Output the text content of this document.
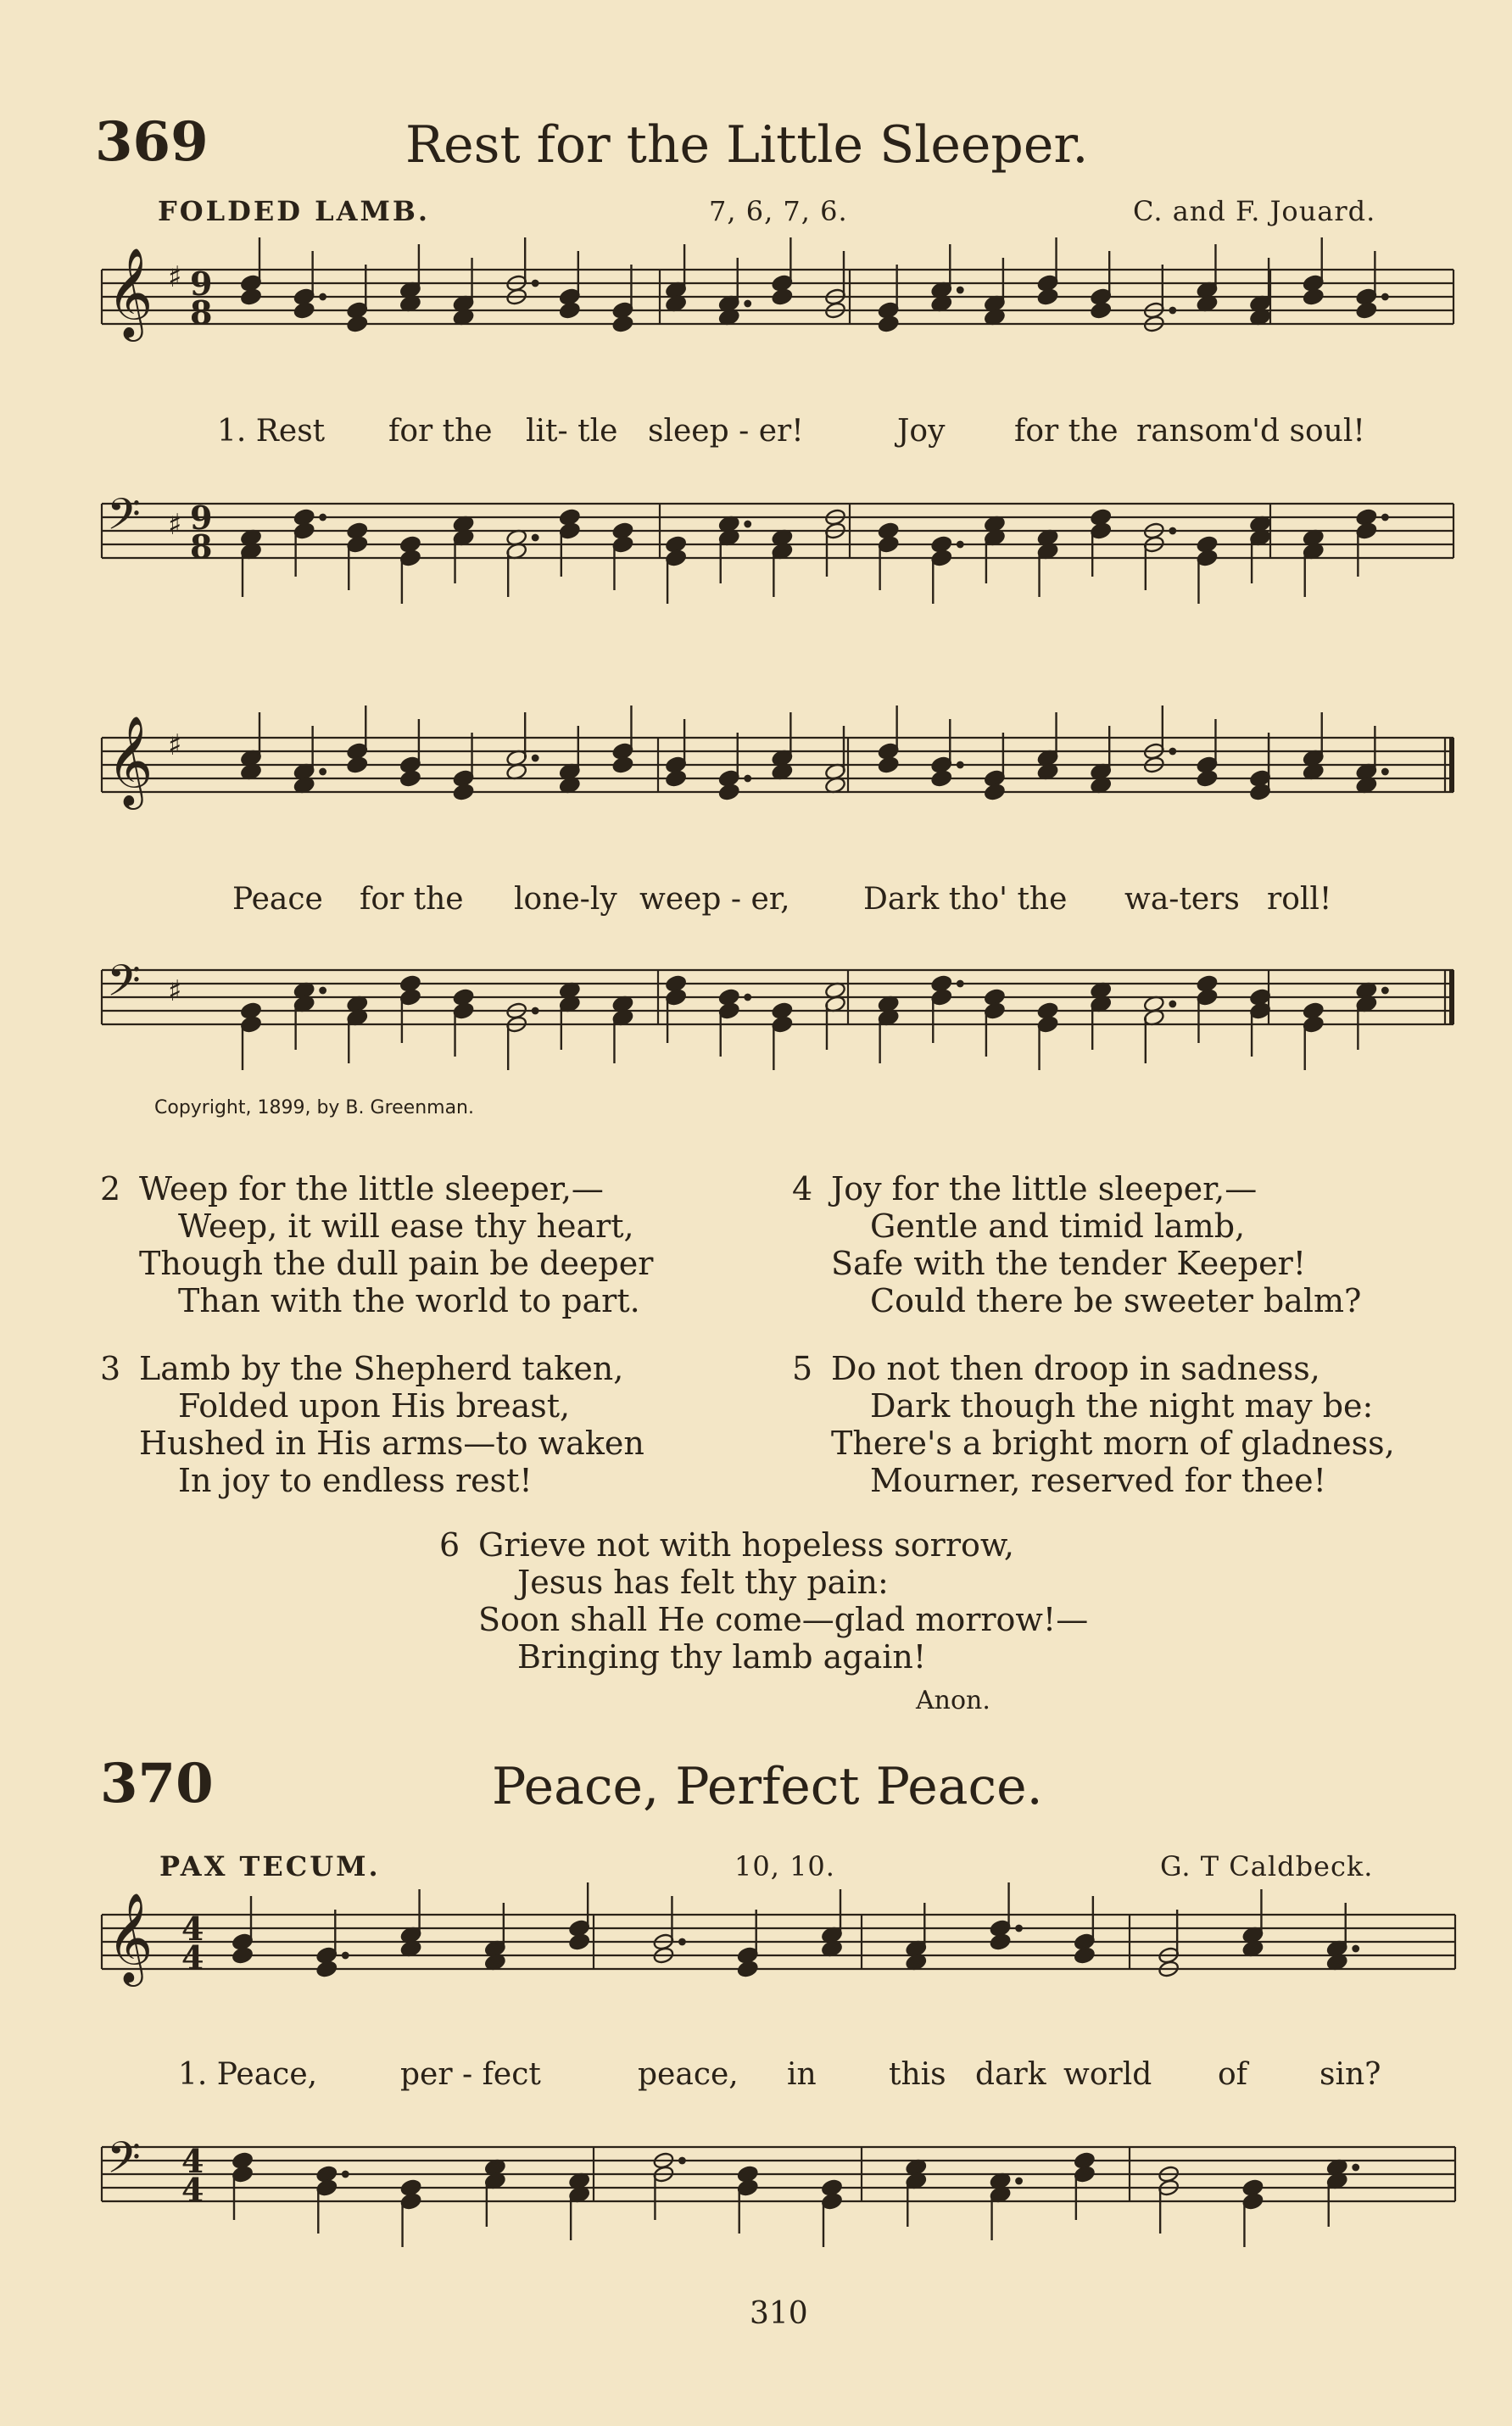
𝄞 ♯ 9
8
𝄢 ♯ 9
8
𝄞 ♯
𝄢 ♯
𝄞 4
4
𝄢 4
4
369	Rest for the Little Sleeper.
FOLDED LAMB.	7, 6, 7, 6.	C. and F. Jouard.
1. Rest for the lit- tle sleep - er!	Joy for the ransom'd soul!
Peace for the lone-ly weep - er, Dark tho' the wa-ters roll!
Copyright, 1899, by B. Greenman.
2 Weep for the little sleeper,—
Weep, it will ease thy heart,
Though the dull pain be deeper
Than with the world to part.
3 Lamb by the Shepherd taken,
Folded upon His breast,
Hushed in His arms—to waken
In joy to endless rest!
4 Joy for the little sleeper,—
Gentle and timid lamb,
Safe with the tender Keeper!
Could there be sweeter balm?
5 Do not then droop in sadness,
Dark though the night may be:
There's a bright morn of gladness,
Mourner, reserved for thee!
6 Grieve not with hopeless sorrow,
Jesus has felt thy pain:
Soon shall He come—glad morrow!—
Bringing thy lamb again!
Anon.
370	Peace, Perfect Peace.
PAX TECUM.	10, 10.	G. T Caldbeck.
1. Peace,	per - fect	peace, in this dark world of sin?
310
